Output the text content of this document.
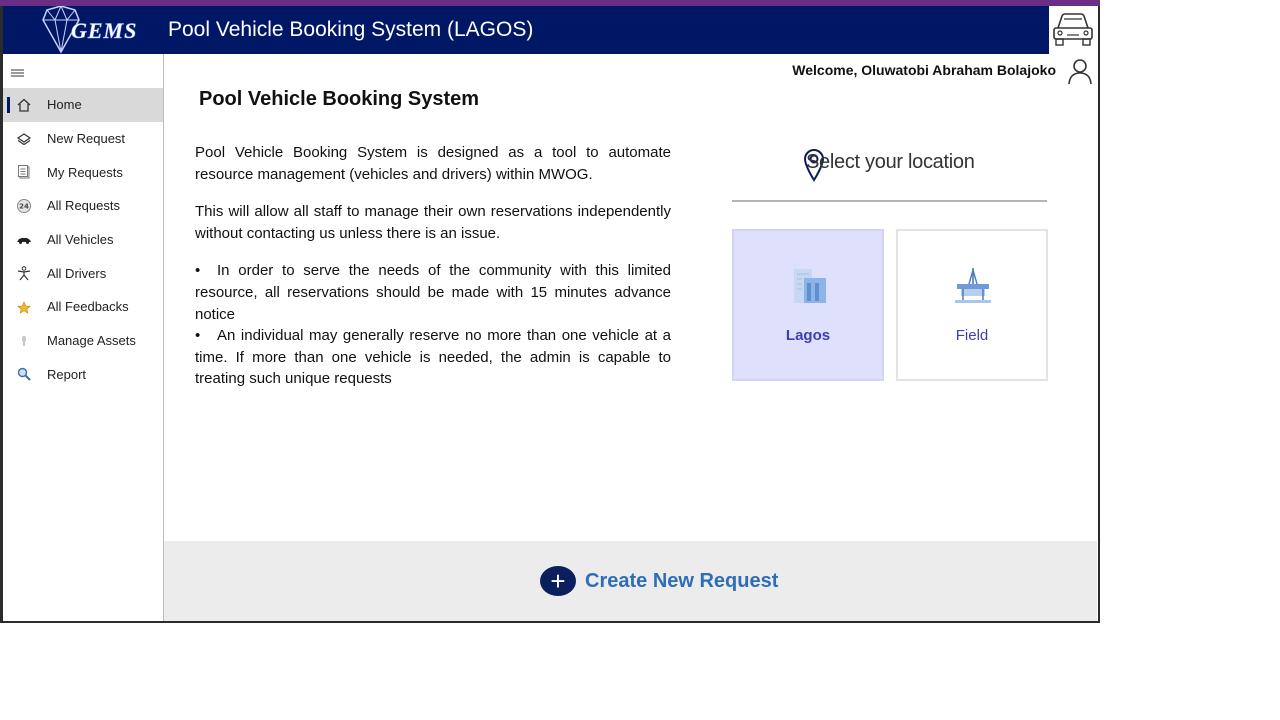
GEMS Pool Vehicle Booking System (LAGOS)
Home
New Request
My Requests
24 All Requests
All Vehicles
All Drivers
All Feedbacks
Manage Assets
Report
Welcome, Oluwatobi Abraham Bolajoko
Pool Vehicle Booking System

Pool Vehicle Booking System is designed as a tool to automate resource management (vehicles and drivers) within MWOG.

This will allow all staff to manage their own reservations independently without contacting us unless there is an issue.

• In order to serve the needs of the community with this limited resource, all reservations should be made with 15 minutes advance notice
• An individual may generally reserve no more than one vehicle at a time. If more than one vehicle is needed, the admin is capable to treating such unique requests
Select your location
Lagos	Field
+ Create New Request
